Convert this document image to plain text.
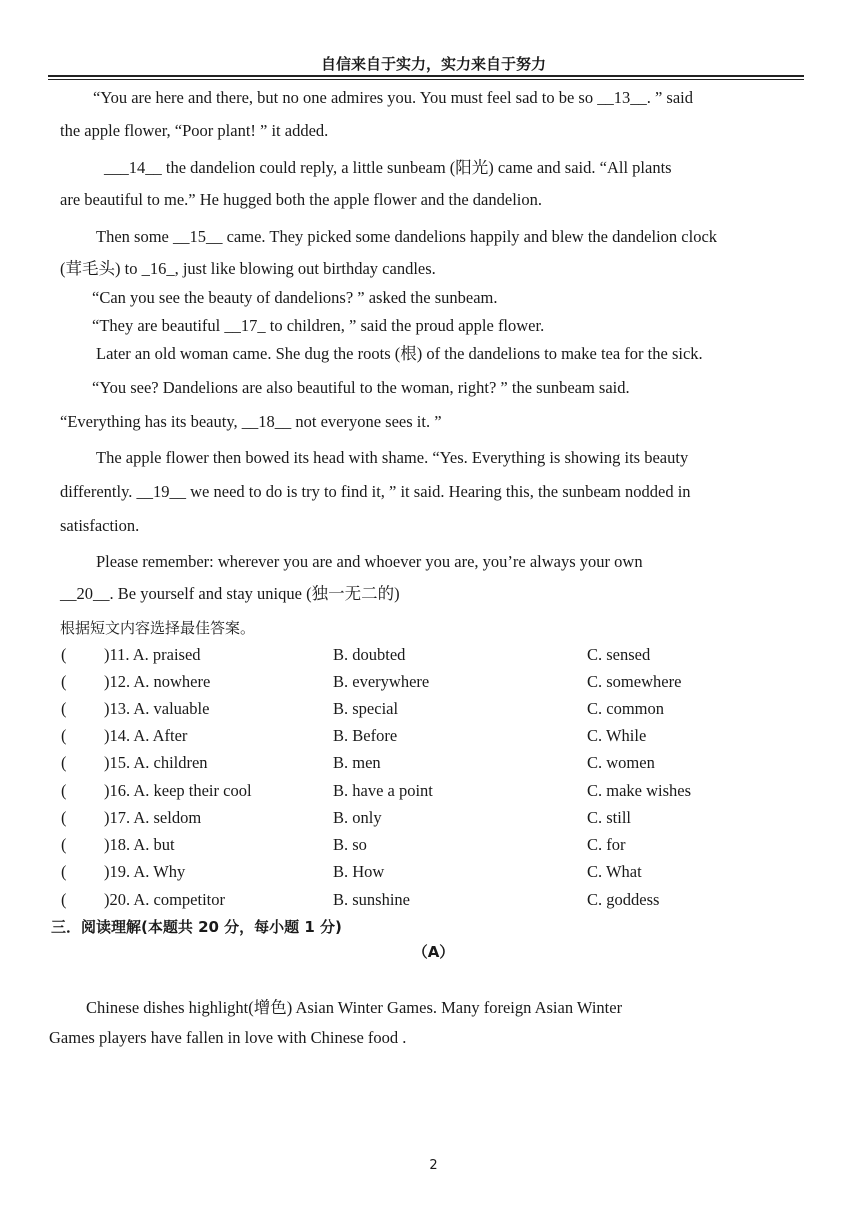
自信来自于实力，实力来自于努力
“You are here and there, but no one admires you. You must feel sad to be so __13__. ” said
the apple flower, “Poor plant! ” it added.
___14__ the dandelion could reply, a little sunbeam (阳光) came and said. “All plants
are beautiful to me.” He hugged both the apple flower and the dandelion.
Then some __15__ came. They picked some dandelions happily and blew the dandelion clock
(茸毛头) to _16_, just like blowing out birthday candles.
“Can you see the beauty of dandelions? ” asked the sunbeam.
“They are beautiful __17_ to children, ” said the proud apple flower.
Later an old woman came. She dug the roots (根) of the dandelions to make tea for the sick.
“You see? Dandelions are also beautiful to the woman, right? ” the sunbeam said.
“Everything has its beauty, __18__ not everyone sees it. ”
The apple flower then bowed its head with shame. “Yes. Everything is showing its beauty
differently. __19__ we need to do is try to find it, ” it said. Hearing this, the sunbeam nodded in
satisfaction.
Please remember: wherever you are and whoever you are, you’re always your own
__20__. Be yourself and stay unique (独一无二的)
根据短文内容选择最佳答案。
( )11. A. praised	B. doubted	C. sensed
( )12. A. nowhere	B. everywhere	C. somewhere
( )13. A. valuable	B. special	C. common
( )14. A. After	B. Before	C. While
( )15. A. children	B. men	C. women
( )16. A. keep their cool	B. have a point	C. make wishes
( )17. A. seldom	B. only	C. still
( )18. A. but	B. so	C. for
( )19. A. Why	B. How	C. What
( )20. A. competitor	B. sunshine	C. goddess
三．阅读理解(本题共 20 分，每小题 1 分)
（A）
Chinese dishes highlight(增色) Asian Winter Games. Many foreign Asian Winter
Games players have fallen in love with Chinese food .
2
